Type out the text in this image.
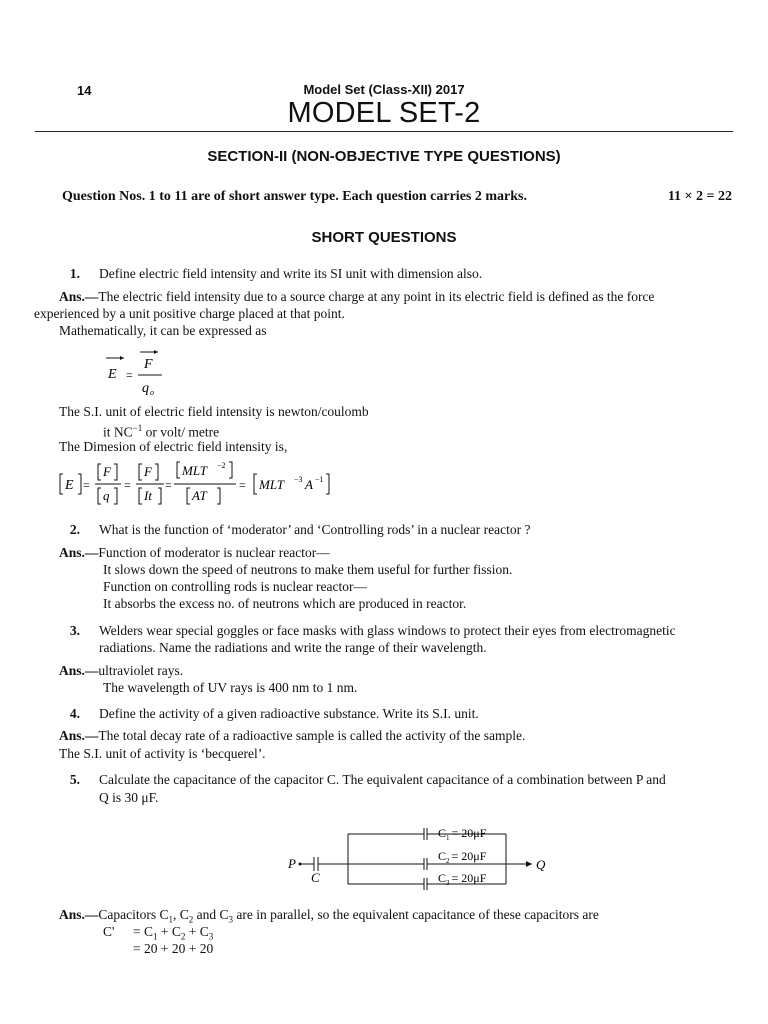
14	Model Set (Class-XII) 2017
MODEL SET-2
SECTION-II (NON-OBJECTIVE TYPE QUESTIONS)
Question Nos. 1 to 11 are of short answer type. Each question carries 2 marks.	11 × 2 = 22
SHORT QUESTIONS
1. Define electric field intensity and write its SI unit with dimension also.
Ans.—The electric field intensity due to a source charge at any point in its electric field is defined as the force
experienced by a unit positive charge placed at that point.
Mathematically, it can be expressed as
E =
F
q o
The S.I. unit of electric field intensity is newton/coulomb
it $NC^{-1}$ or volt/ metre
The Dimesion of electric field intensity is,
E =
F
q
=
F
It
=
MLT −2
AT
= MLT −3 A −1
2. What is the function of ‘moderator’ and ‘Controlling rods’ in a nuclear reactor ?
Ans.—Function of moderator is nuclear reactor—
It slows down the speed of neutrons to make them useful for further fission.
Function on controlling rods is nuclear reactor—
It absorbs the excess no. of neutrons which are produced in reactor.
3. Welders wear special goggles or face masks with glass windows to protect their eyes from electromagnetic
radiations. Name the radiations and write the range of their wavelength.
Ans.—ultraviolet rays.
The wavelength of UV rays is 400 nm to 1 nm.
4. Define the activity of a given radioactive substance. Write its S.I. unit.
Ans.—The total decay rate of a radioactive sample is called the activity of the sample.
The S.I. unit of activity is ‘becquerel’.
5. Calculate the capacitance of the capacitor C. The equivalent capacitance of a combination between P and
Q is 30 μF.
P	Q
C
$C_1 = 20\mu F$
$C_2 = 20\mu F$
$C_3 = 20\mu F$
Ans.—Capacitors $C_1$, $C_2$ and $C_3$ are in parallel, so the equivalent capacitance of these capacitors are
$C' = C_1 + C_2 + C_3$
= 20 + 20 + 20
